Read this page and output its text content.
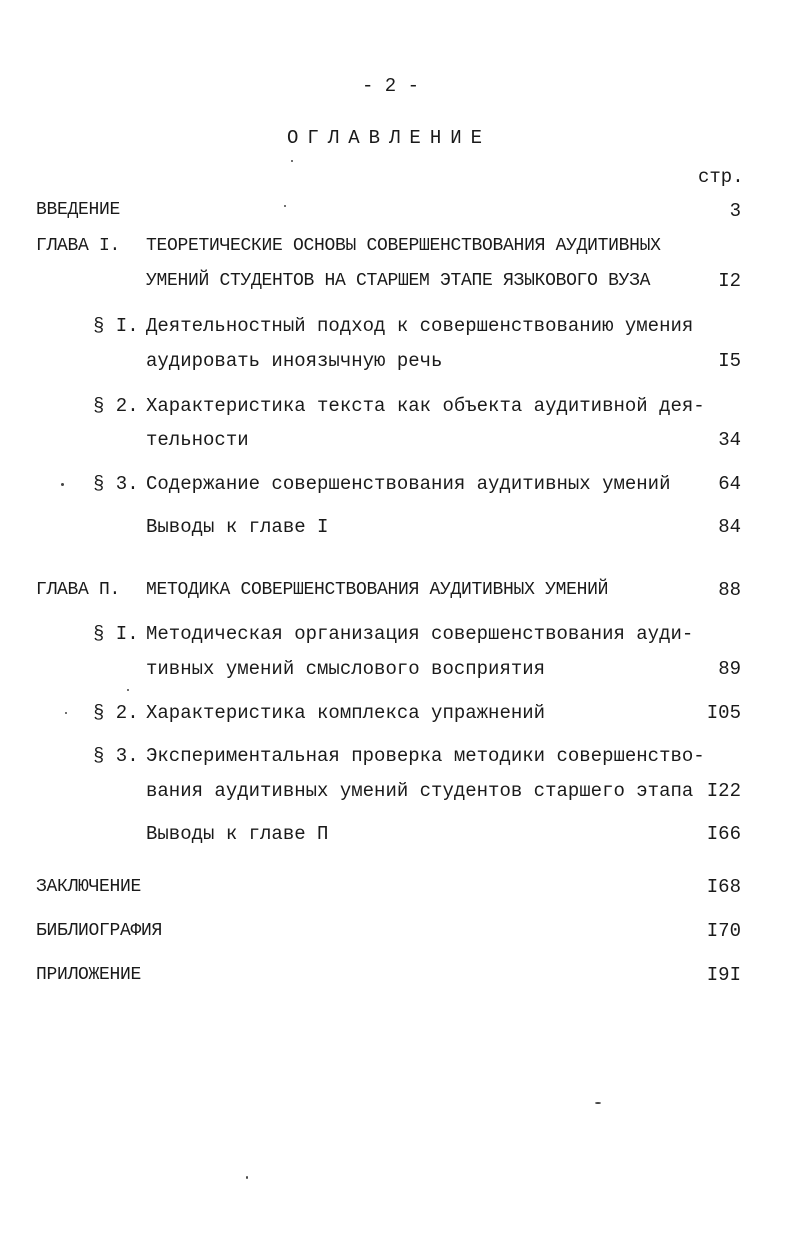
- 2 -
ОГЛАВЛЕНИЕ
стр.
ВВЕДЕНИЕ	3
ГЛАВА I. ТЕОРЕТИЧЕСКИЕ ОСНОВЫ СОВЕРШЕНСТВОВАНИЯ АУДИТИВНЫХ
УМЕНИЙ СТУДЕНТОВ НА СТАРШЕМ ЭТАПЕ ЯЗЫКОВОГО ВУЗА	I2
§ I. Деятельностный подход к совершенствованию умения
аудировать иноязычную речь	I5
§ 2. Характеристика текста как объекта аудитивной дея-
тельности	34
§ 3. Содержание совершенствования аудитивных умений	64
Выводы к главе I	84
ГЛАВА П. МЕТОДИКА СОВЕРШЕНСТВОВАНИЯ АУДИТИВНЫХ УМЕНИЙ	88
§ I. Методическая организация совершенствования ауди-
тивных умений смыслового восприятия	89
§ 2. Характеристика комплекса упражнений	I05
§ 3. Экспериментальная проверка методики совершенство-
вания аудитивных умений студентов старшего этапа I22
Выводы к главе П	I66
ЗАКЛЮЧЕНИЕ	I68
БИБЛИОГРАФИЯ	I70
ПРИЛОЖЕНИЕ	I9I
